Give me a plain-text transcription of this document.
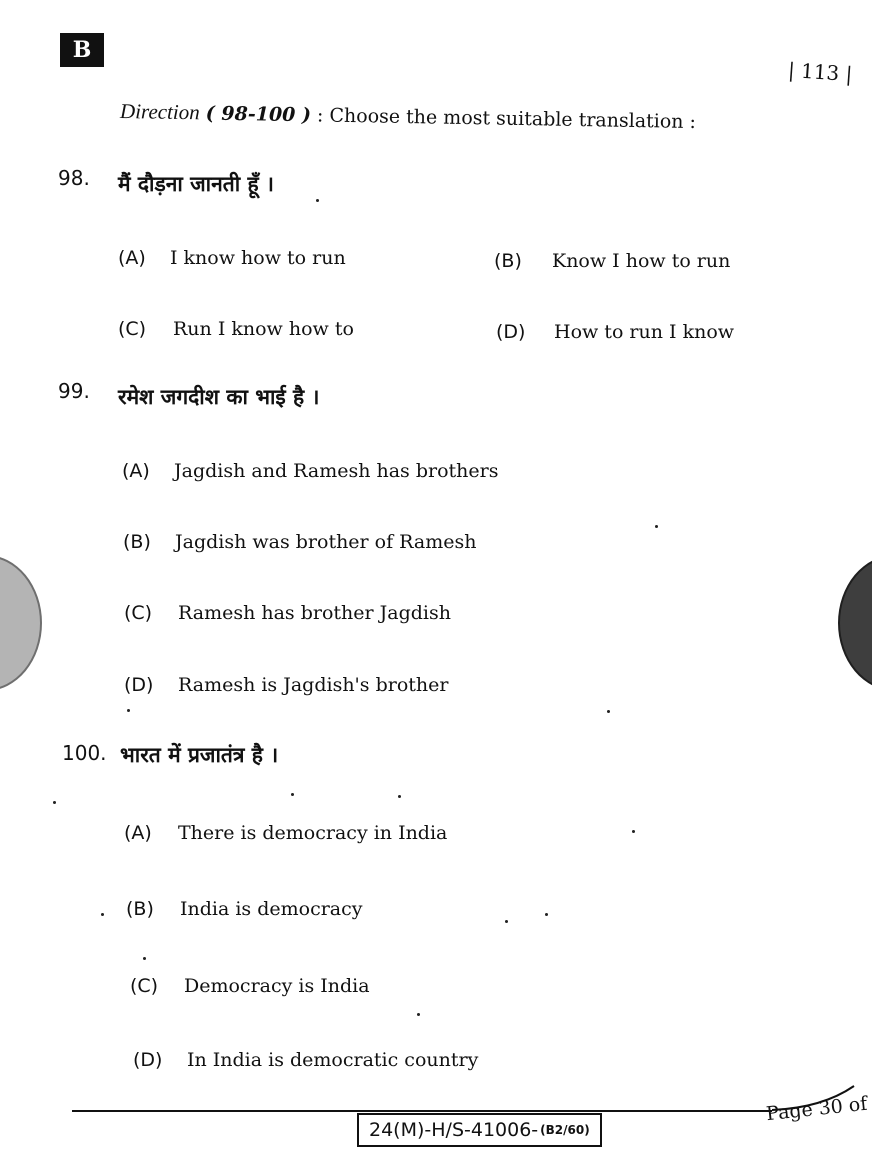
B
| 113 |
Direction ( 98-100 ) : Choose the most suitable translation :
98. मैं दौड़ना जानती हूँ ।
(A) I know how to run	(B) Know I how to run
(C) Run I know how to	(D) How to run I know
99. रमेश जगदीश का भाई है ।
(A) Jagdish and Ramesh has brothers
(B) Jagdish was brother of Ramesh
(C) Ramesh has brother Jagdish
(D) Ramesh is Jagdish's brother
100. भारत में प्रजातंत्र है ।
(A) There is democracy in India
(B) India is democracy
(C) Democracy is India
(D) In India is democratic country
24(M)-H/S-41006- (B2/60)
Page 30 of
